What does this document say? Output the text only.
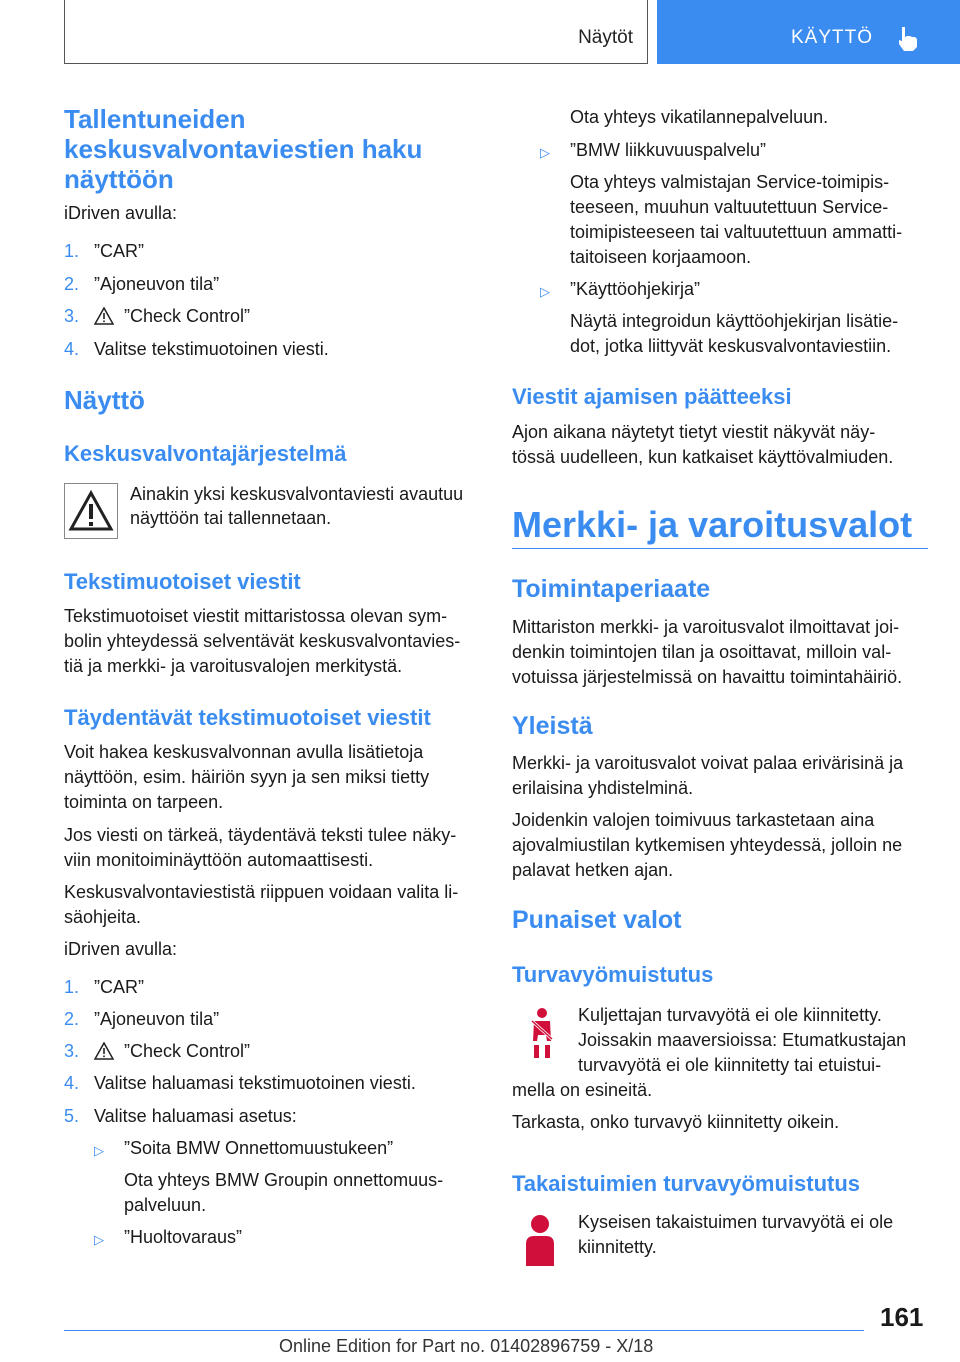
Näytöt	KÄYTTÖ
Tallentuneiden
keskusvalvontaviestien haku
näyttöön

iDriven avulla:

1. ”CAR”
2. ”Ajoneuvon tila”
3.	”Check Control”
4. Valitse tekstimuotoinen viesti.
Näyttö
Keskusvalvontajärjestelmä

Ainakin yksi keskusvalvontaviesti avautuu

näyttöön tai tallennetaan.

Tekstimuotoiset viestit

Tekstimuotoiset viestit mittaristossa olevan sym-

bolin yhteydessä selventävät keskusvalvontavies-

tiä ja merkki- ja varoitusvalojen merkitystä.

Täydentävät tekstimuotoiset viestit

Voit hakea keskusvalvonnan avulla lisätietoja

näyttöön, esim. häiriön syyn ja sen miksi tietty

toiminta on tarpeen.

Jos viesti on tärkeä, täydentävä teksti tulee näky-

viin monitoiminäyttöön automaattisesti.

Keskusvalvontaviestistä riippuen voidaan valita li-

säohjeita.

iDriven avulla:

1. ”CAR”
2. ”Ajoneuvon tila”
3.	”Check Control”
4. Valitse haluamasi tekstimuotoinen viesti.
5. Valitse haluamasi asetus:
▷ ”Soita BMW Onnettomuustukeen”

Ota yhteys BMW Groupin onnettomuus-

palveluun.

▷ ”Huoltovaraus”

Ota yhteys vikatilannepalveluun.

▷ ”BMW liikkuvuuspalvelu”

Ota yhteys valmistajan Service-toimipis-

teeseen, muuhun valtuutettuun Service-

toimipisteeseen tai valtuutettuun ammatti-

taitoiseen korjaamoon.

▷ ”Käyttöohjekirja”

Näytä integroidun käyttöohjekirjan lisätie-

dot, jotka liittyvät keskusvalvontaviestiin.

Viestit ajamisen päätteeksi

Ajon aikana näytetyt tietyt viestit näkyvät näy-

tössä uudelleen, kun katkaiset käyttövalmiuden.

Merkki- ja varoitusvalot
Toimintaperiaate

Mittariston merkki- ja varoitusvalot ilmoittavat joi-

denkin toimintojen tilan ja osoittavat, milloin val-

votuissa järjestelmissä on havaittu toimintahäiriö.

Yleistä

Merkki- ja varoitusvalot voivat palaa erivärisinä ja

erilaisina yhdistelminä.

Joidenkin valojen toimivuus tarkastetaan aina

ajovalmiustilan kytkemisen yhteydessä, jolloin ne

palavat hetken ajan.

Punaiset valot
Turvavyömuistutus

Kuljettajan turvavyötä ei ole kiinnitetty.

Joissakin maaversioissa: Etumatkustajan

turvavyötä ei ole kiinnitetty tai etuistui-

mella on esineitä.

Tarkasta, onko turvavyö kiinnitetty oikein.

Takaistuimien turvavyömuistutus

Kyseisen takaistuimen turvavyötä ei ole

kiinnitetty.

161
Online Edition for Part no. 01402896759 - X/18
